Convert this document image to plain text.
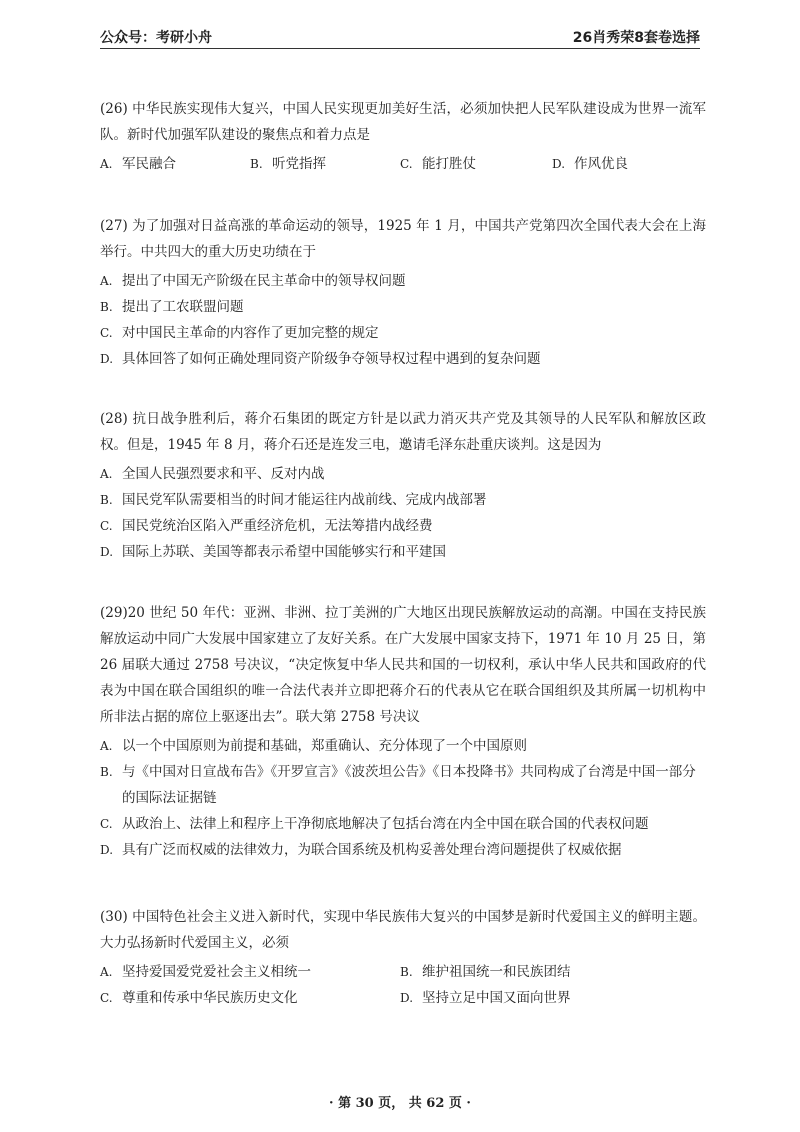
公众号：考研小舟	26肖秀荣8套卷选择

(26) 中华民族实现伟大复兴，中国人民实现更加美好生活，必须加快把人民军队建设成为世界一流军队。新时代加强军队建设的聚焦点和着力点是

A. 军民融合	B. 听党指挥	C. 能打胜仗	D. 作风优良

(27) 为了加强对日益高涨的革命运动的领导，1925 年 1 月，中国共产党第四次全国代表大会在上海举行。中共四大的重大历史功绩在于

A. 提出了中国无产阶级在民主革命中的领导权问题
B. 提出了工农联盟问题
C. 对中国民主革命的内容作了更加完整的规定
D. 具体回答了如何正确处理同资产阶级争夺领导权过程中遇到的复杂问题

(28) 抗日战争胜利后，蒋介石集团的既定方针是以武力消灭共产党及其领导的人民军队和解放区政权。但是，1945 年 8 月，蒋介石还是连发三电，邀请毛泽东赴重庆谈判。这是因为

A. 全国人民强烈要求和平、反对内战
B. 国民党军队需要相当的时间才能运往内战前线、完成内战部署
C. 国民党统治区陷入严重经济危机，无法筹措内战经费
D. 国际上苏联、美国等都表示希望中国能够实行和平建国

(29)20 世纪 50 年代：亚洲、非洲、拉丁美洲的广大地区出现民族解放运动的高潮。中国在支持民族解放运动中同广大发展中国家建立了友好关系。在广大发展中国家支持下，1971 年 10 月 25 日，第 26 届联大通过 2758 号决议，“决定恢复中华人民共和国的一切权利，承认中华人民共和国政府的代表为中国在联合国组织的唯一合法代表并立即把蒋介石的代表从它在联合国组织及其所属一切机构中所非法占据的席位上驱逐出去”。联大第 2758 号决议

A. 以一个中国原则为前提和基础，郑重确认、充分体现了一个中国原则
B. 与《中国对日宣战布告》《开罗宣言》《波茨坦公告》《日本投降书》共同构成了台湾是中国一部分的国际法证据链
C. 从政治上、法律上和程序上干净彻底地解决了包括台湾在内全中国在联合国的代表权问题
D. 具有广泛而权威的法律效力，为联合国系统及机构妥善处理台湾问题提供了权威依据

(30) 中国特色社会主义进入新时代，实现中华民族伟大复兴的中国梦是新时代爱国主义的鲜明主题。大力弘扬新时代爱国主义，必须

A. 坚持爱国爱党爱社会主义相统一	B. 维护祖国统一和民族团结
C. 尊重和传承中华民族历史文化	D. 坚持立足中国又面向世界
· 第 30 页， 共 62 页 ·
